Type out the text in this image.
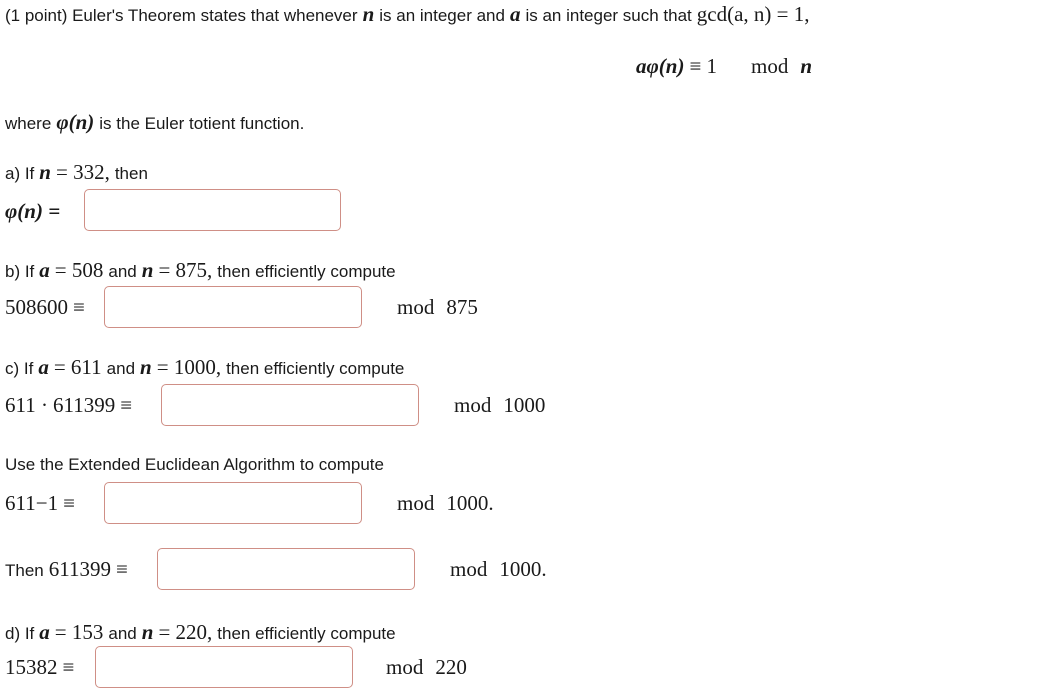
(1 point) Euler's Theorem states that whenever n is an integer and a is an integer such that gcd(a, n) = 1,
a φ(n) ≡ 1 mod n
where φ(n) is the Euler totient function.
a) If n = 332, then
φ(n) =
b) If a = 508 and n = 875, then efficiently compute
508 600 ≡	mod 875
c) If a = 611 and n = 1000, then efficiently compute
611 · 611 399 ≡	mod 1000
Use the Extended Euclidean Algorithm to compute
611 −1 ≡	mod 1000.
Then 611 399 ≡	mod 1000.
d) If a = 153 and n = 220, then efficiently compute
153 82 ≡	mod 220
